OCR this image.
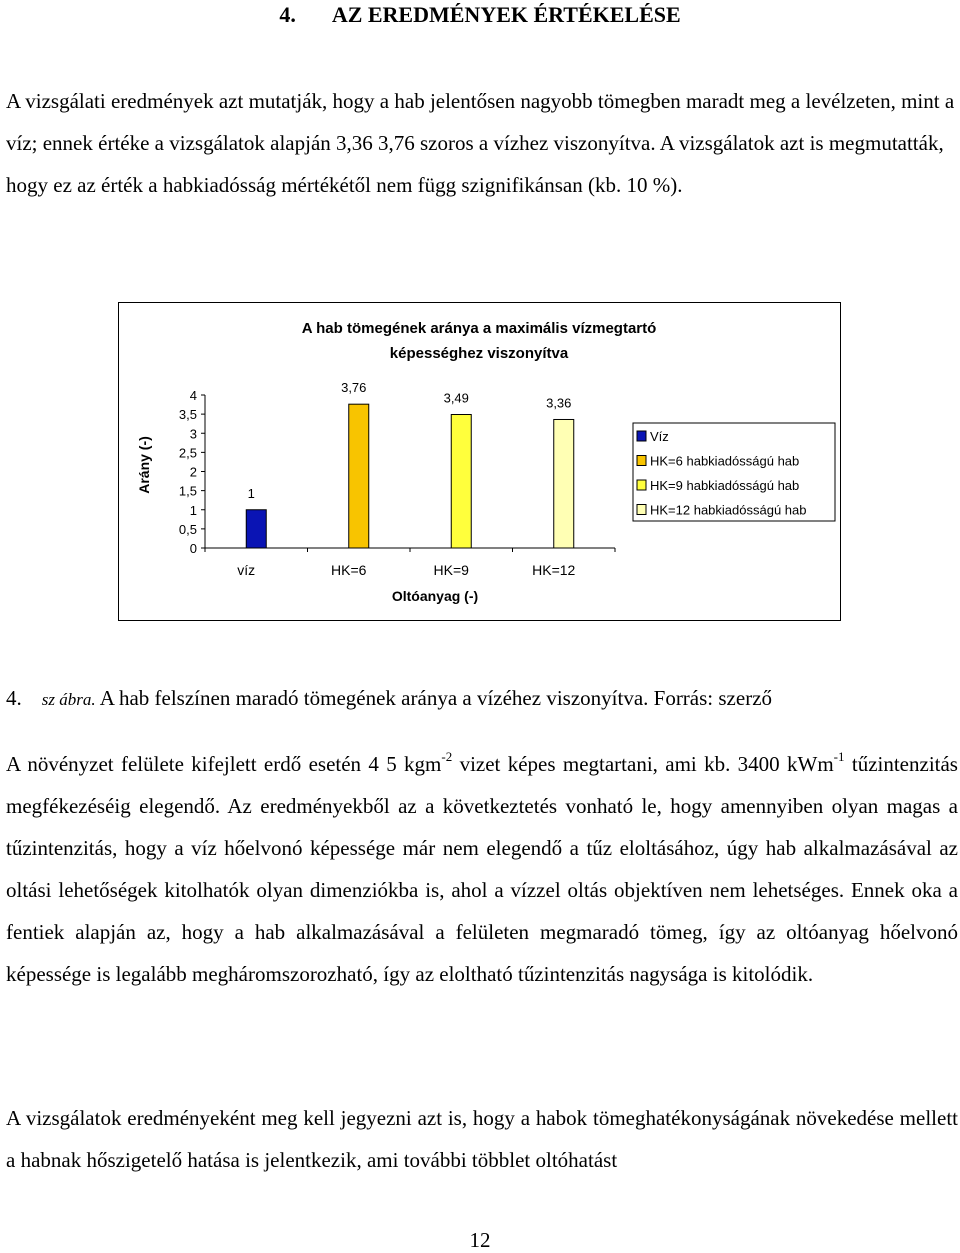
4. AZ EREDMÉNYEK ÉRTÉKELÉSE

A vizsgálati eredmények azt mutatják, hogy a hab jelentősen nagyobb tömegben maradt meg a levélzeten, mint a víz; ennek értéke a vizsgálatok alapján 3,36 3,76 szoros a vízhez viszonyítva. A vizsgálatok azt is megmutatták, hogy ez az érték a habkiadósság mértékétől nem függ szignifikánsan (kb. 10 %).

A hab tömegének aránya a maximális vízmegtartó
képességhez viszonyítva
4
3,5
3
2,5
2
1,5
1
0,5
0
víz	HK=6	HK=9	HK=12
1
3,76
3,49	3,36
Víz
HK=6 habkiadósságú hab
HK=9 habkiadósságú hab
HK=12 habkiadósságú hab
Oltóanyag (-)
Arány (-)
4. sz ábra. A hab felszínen maradó tömegének aránya a vízéhez viszonyítva. Forrás: szerző

A növényzet felülete kifejlett erdő esetén 4 5 kgm$^{-2}$ vizet képes megtartani, ami kb. 3400 kWm$^{-1}$ tűzintenzitás megfékezéséig elegendő. Az eredményekből az a következtetés vonható le, hogy amennyiben olyan magas a tűzintenzitás, hogy a víz hőelvonó képessége már nem elegendő a tűz eloltásához, úgy hab alkalmazásával az oltási lehetőségek kitolhatók olyan dimenziókba is, ahol a vízzel oltás objektíven nem lehetséges. Ennek oka a fentiek alapján az, hogy a hab alkalmazásával a felületen megmaradó tömeg, így az oltóanyag hőelvonó képessége is legalább megháromszorozható, így az eloltható tűzintenzitás nagysága is kitolódik.

A vizsgálatok eredményeként meg kell jegyezni azt is, hogy a habok tömeghatékonyságának növekedése mellett a habnak hőszigetelő hatása is jelentkezik, ami további többlet oltóhatást

12
